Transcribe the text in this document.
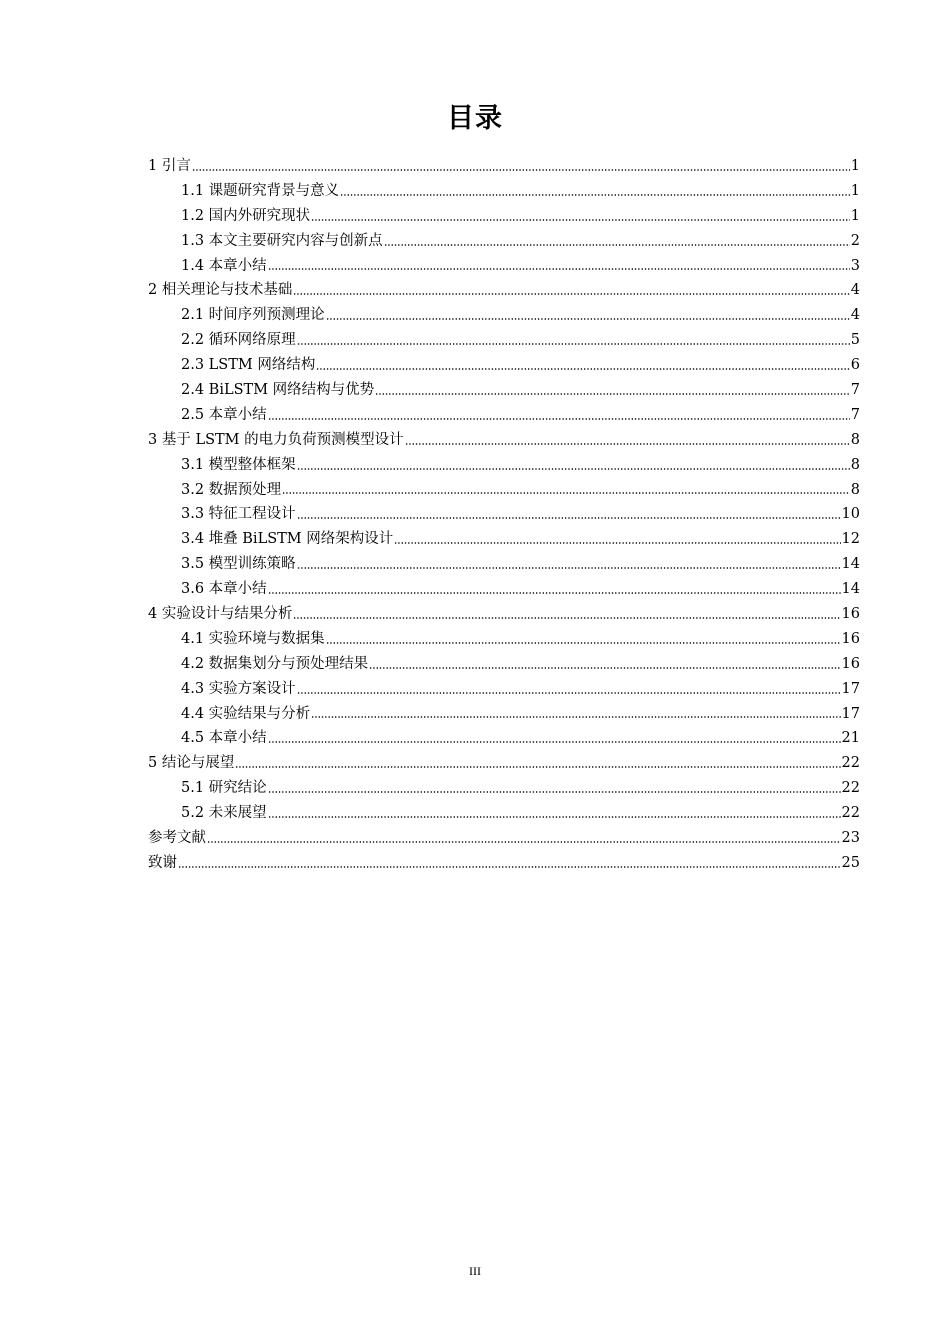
目录
1 引言	1
1.1 课题研究背景与意义	1
1.2 国内外研究现状	1
1.3 本文主要研究内容与创新点	2
1.4 本章小结	3
2 相关理论与技术基础	4
2.1 时间序列预测理论	4
2.2 循环网络原理	5
2.3 LSTM 网络结构	6
2.4 BiLSTM 网络结构与优势	7
2.5 本章小结	7
3 基于 LSTM 的电力负荷预测模型设计	8
3.1 模型整体框架	8
3.2 数据预处理	8
3.3 特征工程设计	10
3.4 堆叠 BiLSTM 网络架构设计	12
3.5 模型训练策略	14
3.6 本章小结	14
4 实验设计与结果分析	16
4.1 实验环境与数据集	16
4.2 数据集划分与预处理结果	16
4.3 实验方案设计	17
4.4 实验结果与分析	17
4.5 本章小结	21
5 结论与展望	22
5.1 研究结论	22
5.2 未来展望	22
参考文献	23
致谢	25
III
